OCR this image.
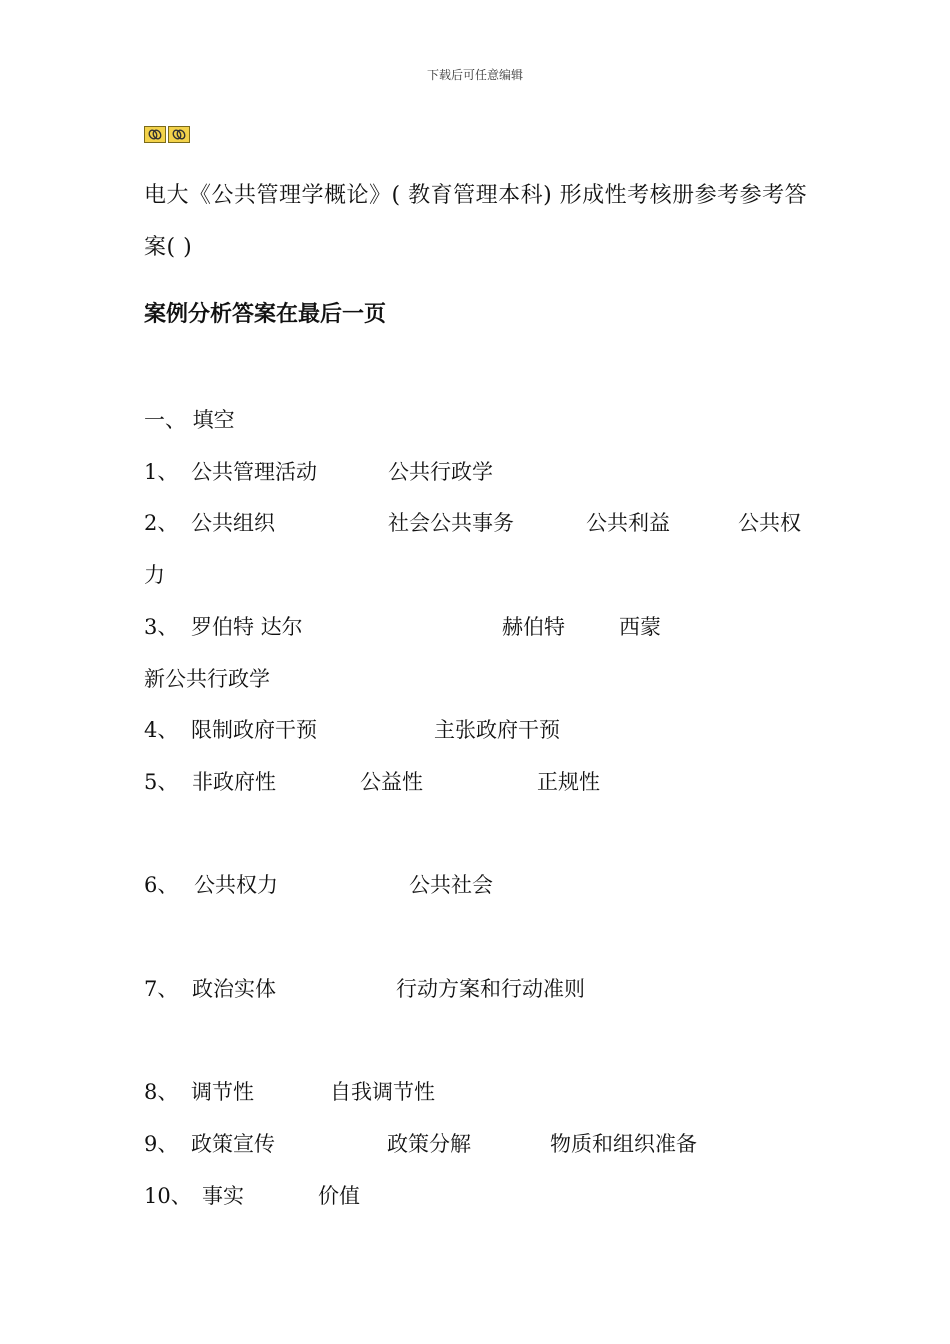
下载后可任意编辑
电大《公共管理学概论》( 教育管理本科) 形成性考核册参考参考答案( )
案例分析答案在最后一页
一、 填空
1、 公共管理活动	公共行政学
2、 公共组织	社会公共事务	公共利益	公共权
力
3、 罗伯特 达尔	赫伯特	西蒙
新公共行政学
4、 限制政府干预	主张政府干预
5、 非政府性	公益性	正规性
6、 公共权力	公共社会
7、 政治实体	行动方案和行动准则
8、 调节性	自我调节性
9、 政策宣传	政策分解	物质和组织准备
10、 事实	价值
